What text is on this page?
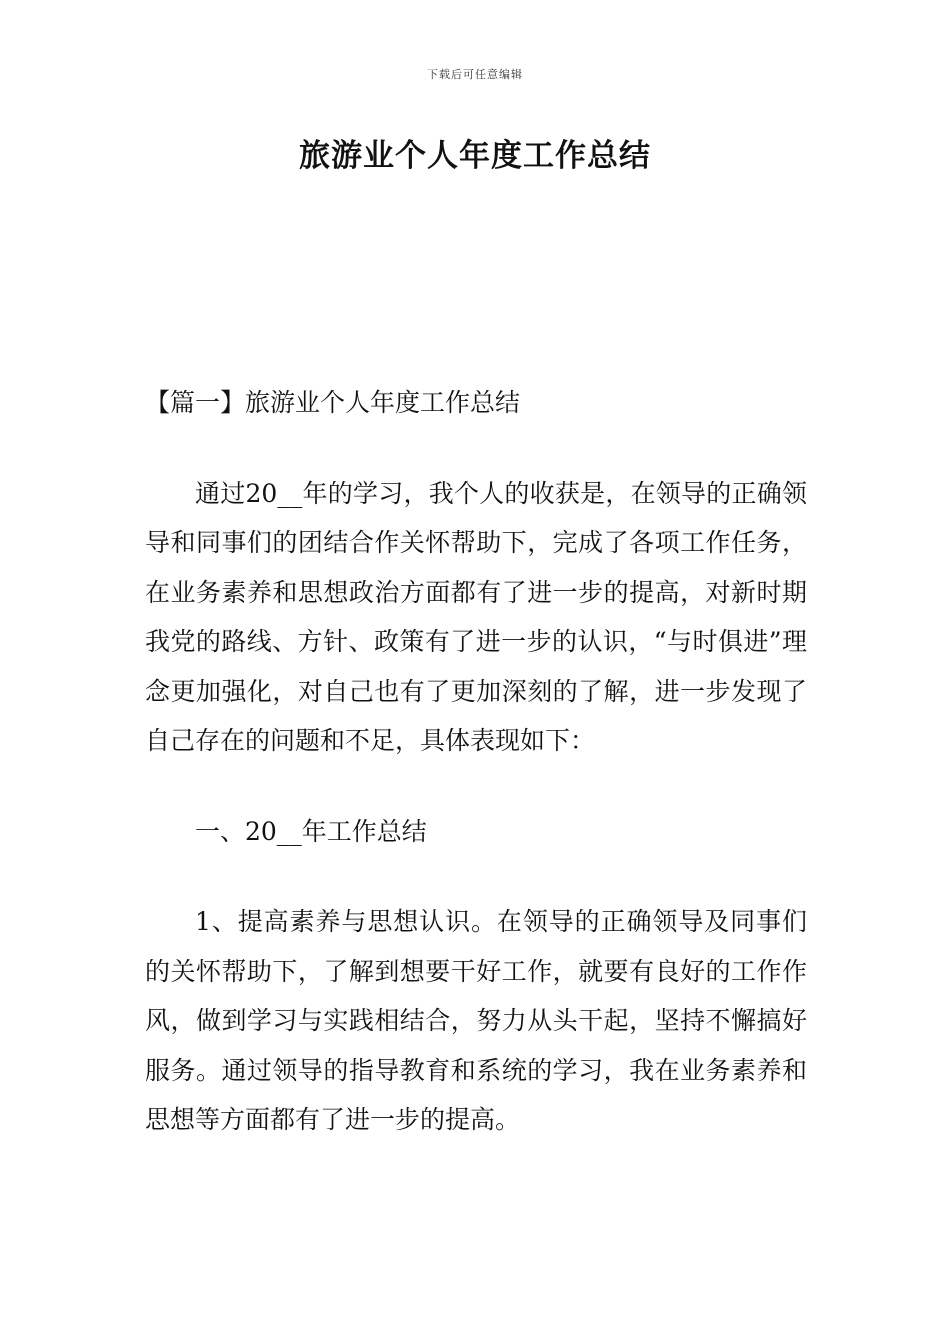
下载后可任意编辑
旅游业个人年度工作总结

【篇一】旅游业个人年度工作总结

通过20__年的学习，我个人的收获是，在领导的正确领导和同事们的团结合作关怀帮助下，完成了各项工作任务，在业务素养和思想政治方面都有了进一步的提高，对新时期我党的路线、方针、政策有了进一步的认识，“与时俱进”理念更加强化，对自己也有了更加深刻的了解，进一步发现了自己存在的问题和不足，具体表现如下：

一、20__年工作总结

1、提高素养与思想认识。在领导的正确领导及同事们的关怀帮助下，了解到想要干好工作，就要有良好的工作作风，做到学习与实践相结合，努力从头干起，坚持不懈搞好服务。通过领导的指导教育和系统的学习，我在业务素养和思想等方面都有了进一步的提高。
